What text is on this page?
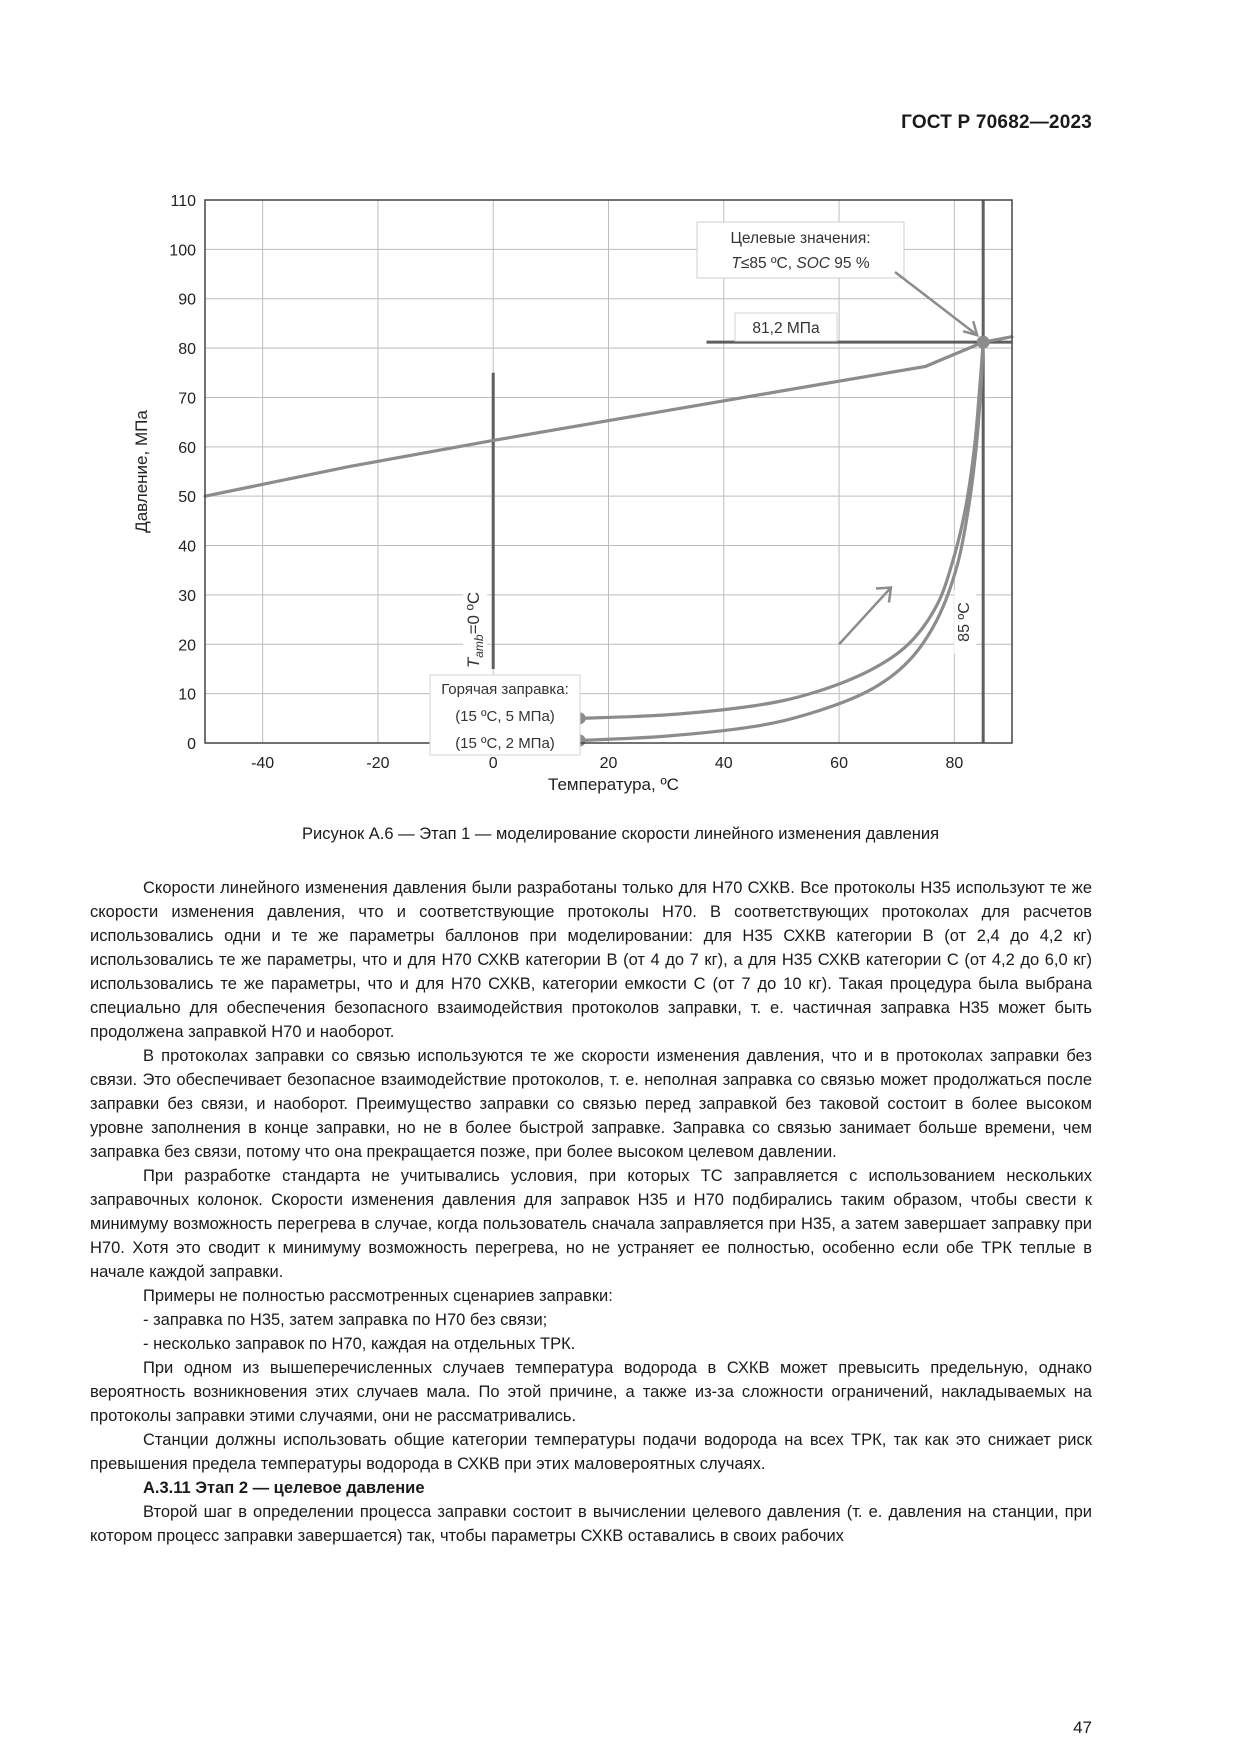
ГОСТ Р 70682—2023
0
10
20
30
40
50
60
70
80
90
100
110
-40	-20	0	20	40	60	80
Температура, ºС
Давление, МПа
Целевые значения:
T≤85 ºC, SOC 95 %
81,2 МПа
$T_{amb}=0$ ºC	85 ºC
Горячая заправка:
(15 ºС, 5 МПа)
(15 ºС, 2 МПа)
Рисунок А.6 — Этап 1 — моделирование скорости линейного изменения давления

Скорости линейного изменения давления были разработаны только для Н70 СХКВ. Все протоколы Н35 используют те же скорости изменения давления, что и соответствующие протоколы Н70. В соответствующих протоколах для расчетов использовались одни и те же параметры баллонов при моделировании: для Н35 СХКВ категории В (от 2,4 до 4,2 кг) использовались те же параметры, что и для Н70 СХКВ категории В (от 4 до 7 кг), а для Н35 СХКВ категории С (от 4,2 до 6,0 кг) использовались те же параметры, что и для Н70 СХКВ, категории емкости С (от 7 до 10 кг). Такая процедура была выбрана специально для обеспечения безопасного взаимодействия протоколов заправки, т. е. частичная заправка Н35 может быть продолжена заправкой Н70 и наоборот.

В протоколах заправки со связью используются те же скорости изменения давления, что и в протоколах заправки без связи. Это обеспечивает безопасное взаимодействие протоколов, т. е. неполная заправка со связью может продолжаться после заправки без связи, и наоборот. Преимущество заправки со связью перед заправкой без таковой состоит в более высоком уровне заполнения в конце заправки, но не в более быстрой заправке. Заправка со связью занимает больше времени, чем заправка без связи, потому что она прекращается позже, при более высоком целевом давлении.

При разработке стандарта не учитывались условия, при которых ТС заправляется с использованием нескольких заправочных колонок. Скорости изменения давления для заправок Н35 и Н70 подбирались таким образом, чтобы свести к минимуму возможность перегрева в случае, когда пользователь сначала заправляется при Н35, а затем завершает заправку при Н70. Хотя это сводит к минимуму возможность перегрева, но не устраняет ее полностью, особенно если обе ТРК теплые в начале каждой заправки.

Примеры не полностью рассмотренных сценариев заправки:

- заправка по Н35, затем заправка по Н70 без связи;

- несколько заправок по Н70, каждая на отдельных ТРК.

При одном из вышеперечисленных случаев температура водорода в СХКВ может превысить предельную, однако вероятность возникновения этих случаев мала. По этой причине, а также из-за сложности ограничений, накладываемых на протоколы заправки этими случаями, они не рассматривались.

Станции должны использовать общие категории температуры подачи водорода на всех ТРК, так как это снижает риск превышения предела температуры водорода в СХКВ при этих маловероятных случаях.

А.3.11 Этап 2 — целевое давление

Второй шаг в определении процесса заправки состоит в вычислении целевого давления (т. е. давления на станции, при котором процесс заправки завершается) так, чтобы параметры СХКВ оставались в своих рабочих

47
